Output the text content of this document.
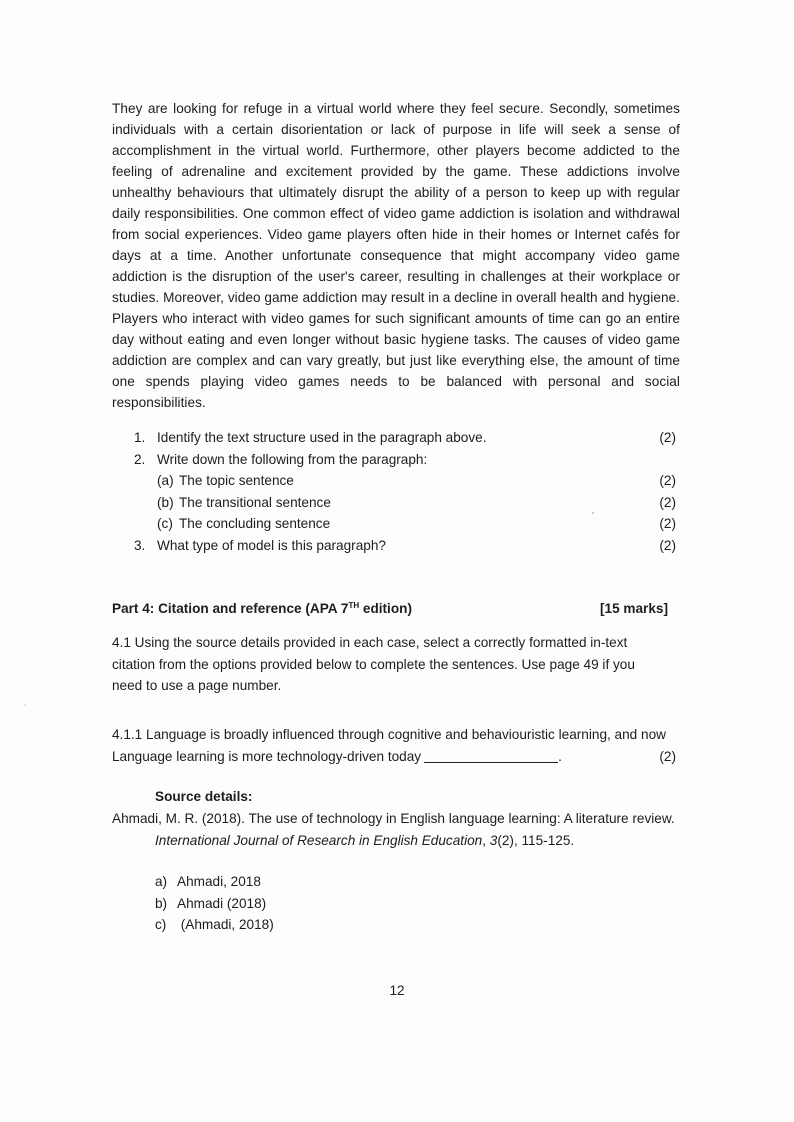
They are looking for refuge in a virtual world where they feel secure. Secondly, sometimes individuals with a certain disorientation or lack of purpose in life will seek a sense of accomplishment in the virtual world. Furthermore, other players become addicted to the feeling of adrenaline and excitement provided by the game. These addictions involve unhealthy behaviours that ultimately disrupt the ability of a person to keep up with regular daily responsibilities. One common effect of video game addiction is isolation and withdrawal from social experiences. Video game players often hide in their homes or Internet cafés for days at a time. Another unfortunate consequence that might accompany video game addiction is the disruption of the user's career, resulting in challenges at their workplace or studies. Moreover, video game addiction may result in a decline in overall health and hygiene. Players who interact with video games for such significant amounts of time can go an entire day without eating and even longer without basic hygiene tasks. The causes of video game addiction are complex and can vary greatly, but just like everything else, the amount of time one spends playing video games needs to be balanced with personal and social responsibilities.
1. Identify the text structure used in the paragraph above.	(2)
2. Write down the following from the paragraph:
(a) The topic sentence	(2)
(b) The transitional sentence	(2)
(c) The concluding sentence	(2)
3. What type of model is this paragraph?	(2)
Part 4: Citation and reference (APA 7TH edition)	[15 marks]
4.1 Using the source details provided in each case, select a correctly formatted in-text citation from the options provided below to complete the sentences. Use page 49 if you need to use a page number.
4.1.1 Language is broadly influenced through cognitive and behaviouristic learning, and now
Language learning is more technology-driven today	.	(2)
Source details:
Ahmadi, M. R. (2018). The use of technology in English language learning: A literature review. International Journal of Research in English Education, 3(2), 115-125.
a) Ahmadi, 2018
b) Ahmadi (2018)
c) (Ahmadi, 2018)
12
